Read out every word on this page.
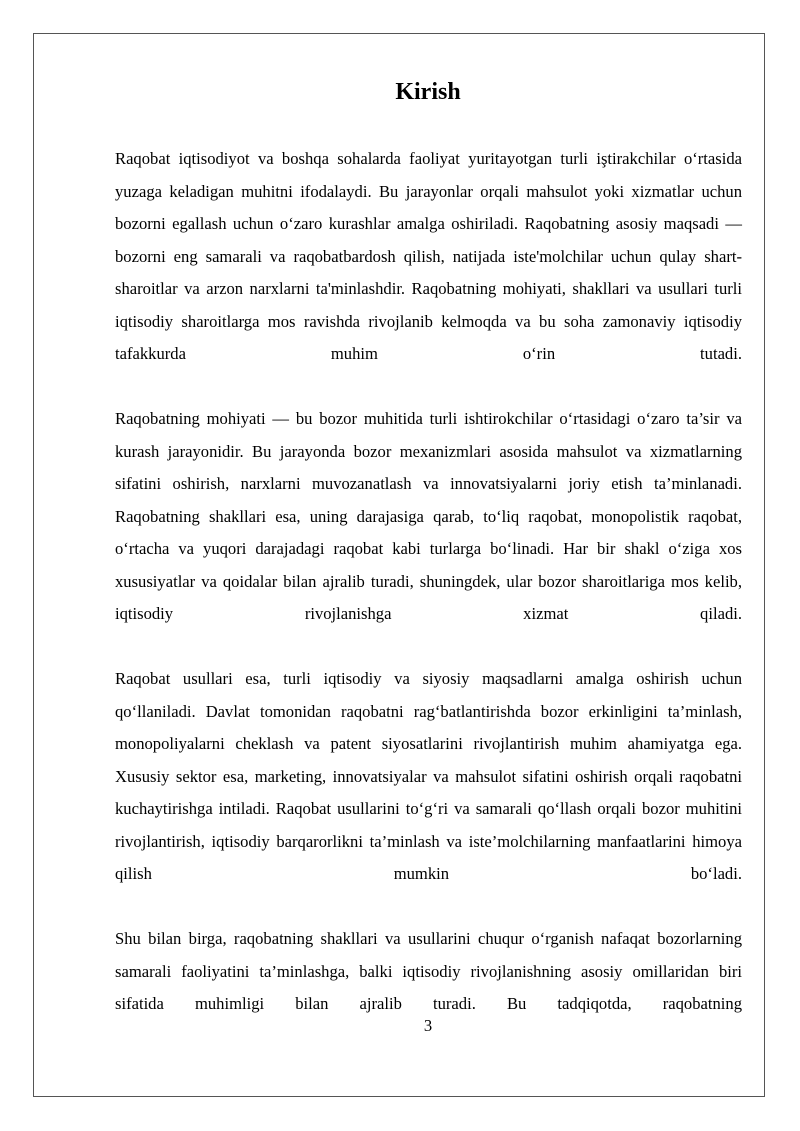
Kirish

Raqobat iqtisodiyot va boshqa sohalarda faoliyat yuritayotgan turli iştirakchilar o‘rtasida yuzaga keladigan muhitni ifodalaydi. Bu jarayonlar orqali mahsulot yoki xizmatlar uchun bozorni egallash uchun o‘zaro kurashlar amalga oshiriladi. Raqobatning asosiy maqsadi — bozorni eng samarali va raqobatbardosh qilish, natijada iste'molchilar uchun qulay shart-sharoitlar va arzon narxlarni ta'minlashdir. Raqobatning mohiyati, shakllari va usullari turli iqtisodiy sharoitlarga mos ravishda rivojlanib kelmoqda va bu soha zamonaviy iqtisodiy tafakkurda muhim o‘rin tutadi.

Raqobatning mohiyati — bu bozor muhitida turli ishtirokchilar o‘rtasidagi o‘zaro ta’sir va kurash jarayonidir. Bu jarayonda bozor mexanizmlari asosida mahsulot va xizmatlarning sifatini oshirish, narxlarni muvozanatlash va innovatsiyalarni joriy etish ta’minlanadi. Raqobatning shakllari esa, uning darajasiga qarab, to‘liq raqobat, monopolistik raqobat, o‘rtacha va yuqori darajadagi raqobat kabi turlarga bo‘linadi. Har bir shakl o‘ziga xos xususiyatlar va qoidalar bilan ajralib turadi, shuningdek, ular bozor sharoitlariga mos kelib, iqtisodiy rivojlanishga xizmat qiladi.

Raqobat usullari esa, turli iqtisodiy va siyosiy maqsadlarni amalga oshirish uchun qo‘llaniladi. Davlat tomonidan raqobatni rag‘batlantirishda bozor erkinligini ta’minlash, monopoliyalarni cheklash va patent siyosatlarini rivojlantirish muhim ahamiyatga ega. Xususiy sektor esa, marketing, innovatsiyalar va mahsulot sifatini oshirish orqali raqobatni kuchaytirishga intiladi. Raqobat usullarini to‘g‘ri va samarali qo‘llash orqali bozor muhitini rivojlantirish, iqtisodiy barqarorlikni ta’minlash va iste’molchilarning manfaatlarini himoya qilish mumkin bo‘ladi.

Shu bilan birga, raqobatning shakllari va usullarini chuqur o‘rganish nafaqat bozorlarning samarali faoliyatini ta’minlashga, balki iqtisodiy rivojlanishning asosiy omillaridan biri sifatida muhimligi bilan ajralib turadi. Bu tadqiqotda, raqobatning

3
